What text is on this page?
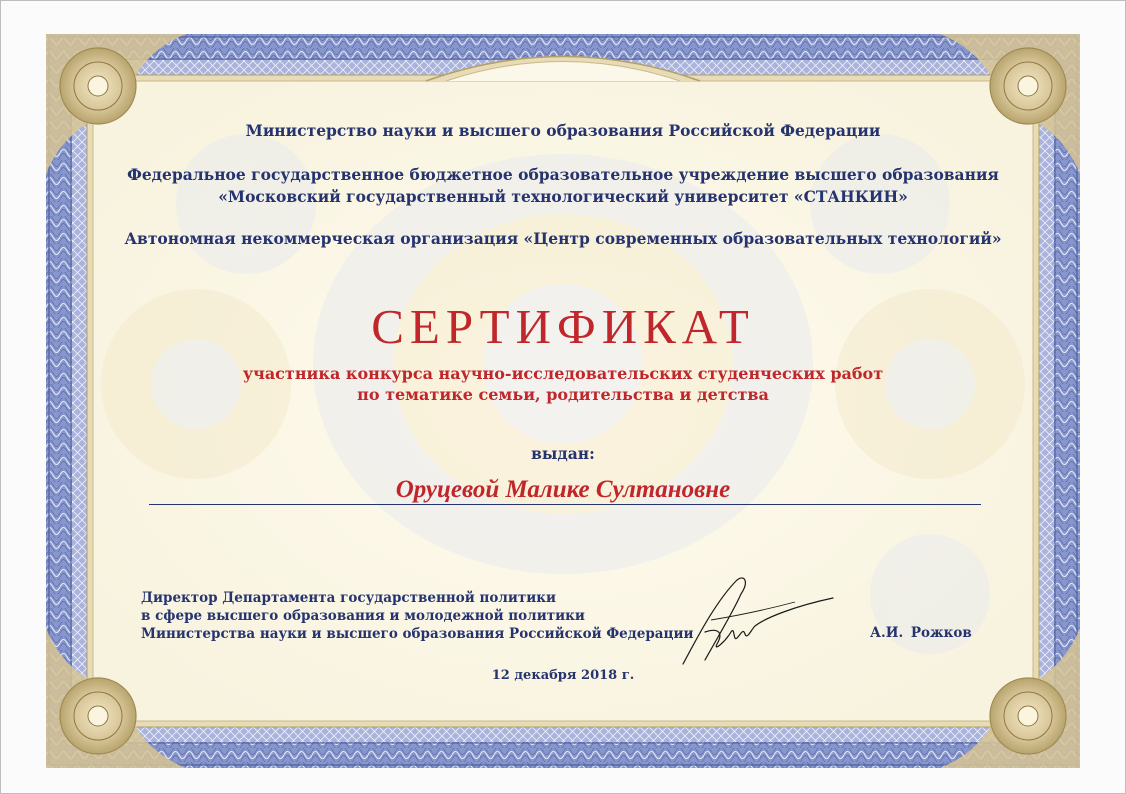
Министерство науки и высшего образования Российской Федерации
Федеральное государственное бюджетное образовательное учреждение высшего образования
«Московский государственный технологический университет «СТАНКИН»
Автономная некоммерческая организация «Центр современных образовательных технологий»
СЕРТИФИКАТ
участника конкурса научно-исследовательских студенческих работ
по тематике семьи, родительства и детства
выдан:
Оруцевой Малике Султановне
Директор Департамента государственной политики
в сфере высшего образования и молодежной политики
Министерства науки и высшего образования Российской Федерации	А.И. Рожков
12 декабря 2018 г.
